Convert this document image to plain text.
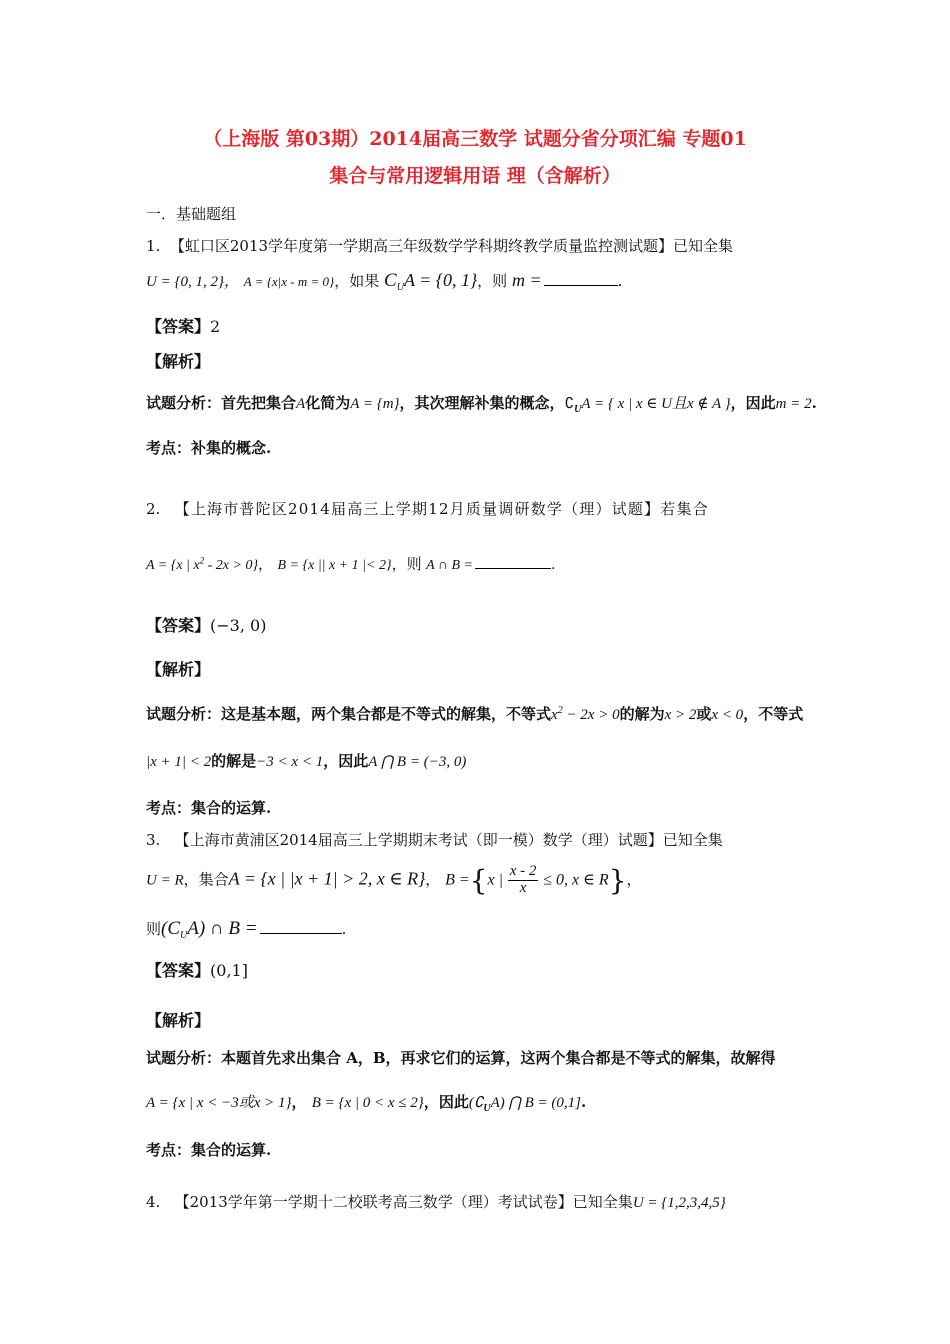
（上海版 第03期）2014届高三数学 试题分省分项汇编 专题01
集合与常用逻辑用语 理（含解析）
一．基础题组
1. 【虹口区2013学年度第一学期高三年级数学学科期终教学质量监控测试题】已知全集
U = {0, 1, 2}， A = {x|x - m = 0}，如果 $C_UA = \{0$, 1}，则 m =	.
【答案】2
【解析】
试题分析：首先把集合A化简为A = {m}，其次理解补集的概念，$∁_UA$ = { x | x ∈ U且x ∉ A }，因此m = 2.
考点：补集的概念.
2. 【上海市普陀区2014届高三上学期12月质量调研数学（理）试题】若集合
A = {x | $x^2 - 2x > 0$}， B = {x || x + 1 |< 2}，则 A ∩ B =	.
【答案】(−3, 0)
【解析】
试题分析：这是基本题，两个集合都是不等式的解集，不等式$x^2 - 2x > 0$的解为x > 2或x < 0，不等式
|x + 1| < 2的解是−3 < x < 1，因此A ⋂ B = (−3, 0)
考点：集合的运算.
3. 【上海市黄浦区2014届高三上学期期末考试（即一模）数学（理）试题】已知全集
U = R，集合A = {x | |x + 1| > 2, x ∈ R}， B ={x | $\frac{x - 2}{x} \le 0$, x ∈ R}，
则$(C_UA)$ ∩ B =	.
【答案】(0,1]
【解析】
试题分析：本题首先求出集合 A，B，再求它们的运算，这两个集合都是不等式的解集，故解得
A = {x | x < −3或x > 1}， B = {x | 0 < x ≤ 2}，因此$(∁_UA)$ ⋂ B = (0,1].
考点：集合的运算.
4. 【2013学年第一学期十二校联考高三数学（理）考试试卷】已知全集U = {1,2,3,4,5}
